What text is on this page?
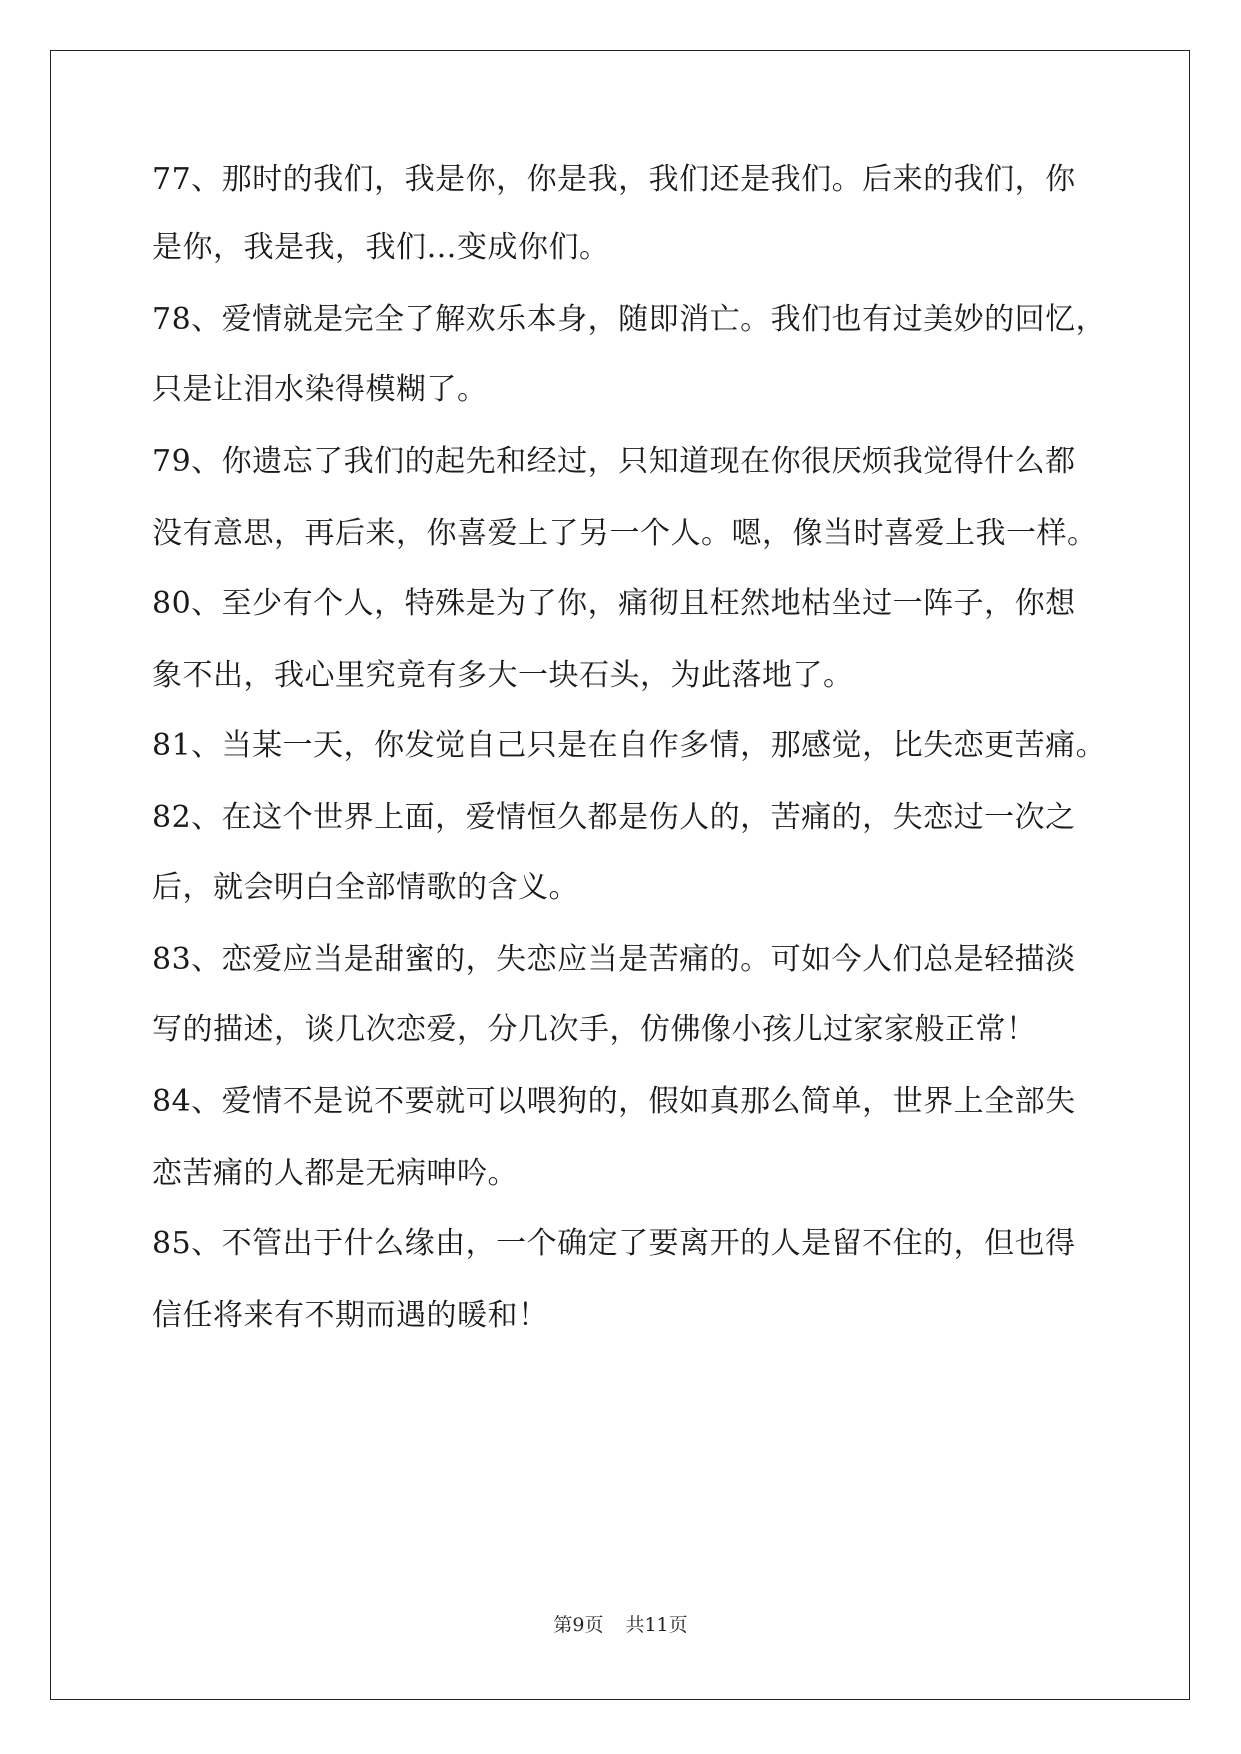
77、那时的我们，我是你，你是我，我们还是我们。后来的我们，你
是你，我是我，我们…变成你们。
78、爱情就是完全了解欢乐本身，随即消亡。我们也有过美妙的回忆，
只是让泪水染得模糊了。
79、你遗忘了我们的起先和经过，只知道现在你很厌烦我觉得什么都
没有意思，再后来，你喜爱上了另一个人。嗯，像当时喜爱上我一样。
80、至少有个人，特殊是为了你，痛彻且枉然地枯坐过一阵子，你想
象不出，我心里究竟有多大一块石头，为此落地了。
81、当某一天，你发觉自己只是在自作多情，那感觉，比失恋更苦痛。
82、在这个世界上面，爱情恒久都是伤人的，苦痛的，失恋过一次之
后，就会明白全部情歌的含义。
83、恋爱应当是甜蜜的，失恋应当是苦痛的。可如今人们总是轻描淡
写的描述，谈几次恋爱，分几次手，仿佛像小孩儿过家家般正常！
84、爱情不是说不要就可以喂狗的，假如真那么简单，世界上全部失
恋苦痛的人都是无病呻吟。
85、不管出于什么缘由，一个确定了要离开的人是留不住的，但也得
信任将来有不期而遇的暖和！
第9页 共11页
